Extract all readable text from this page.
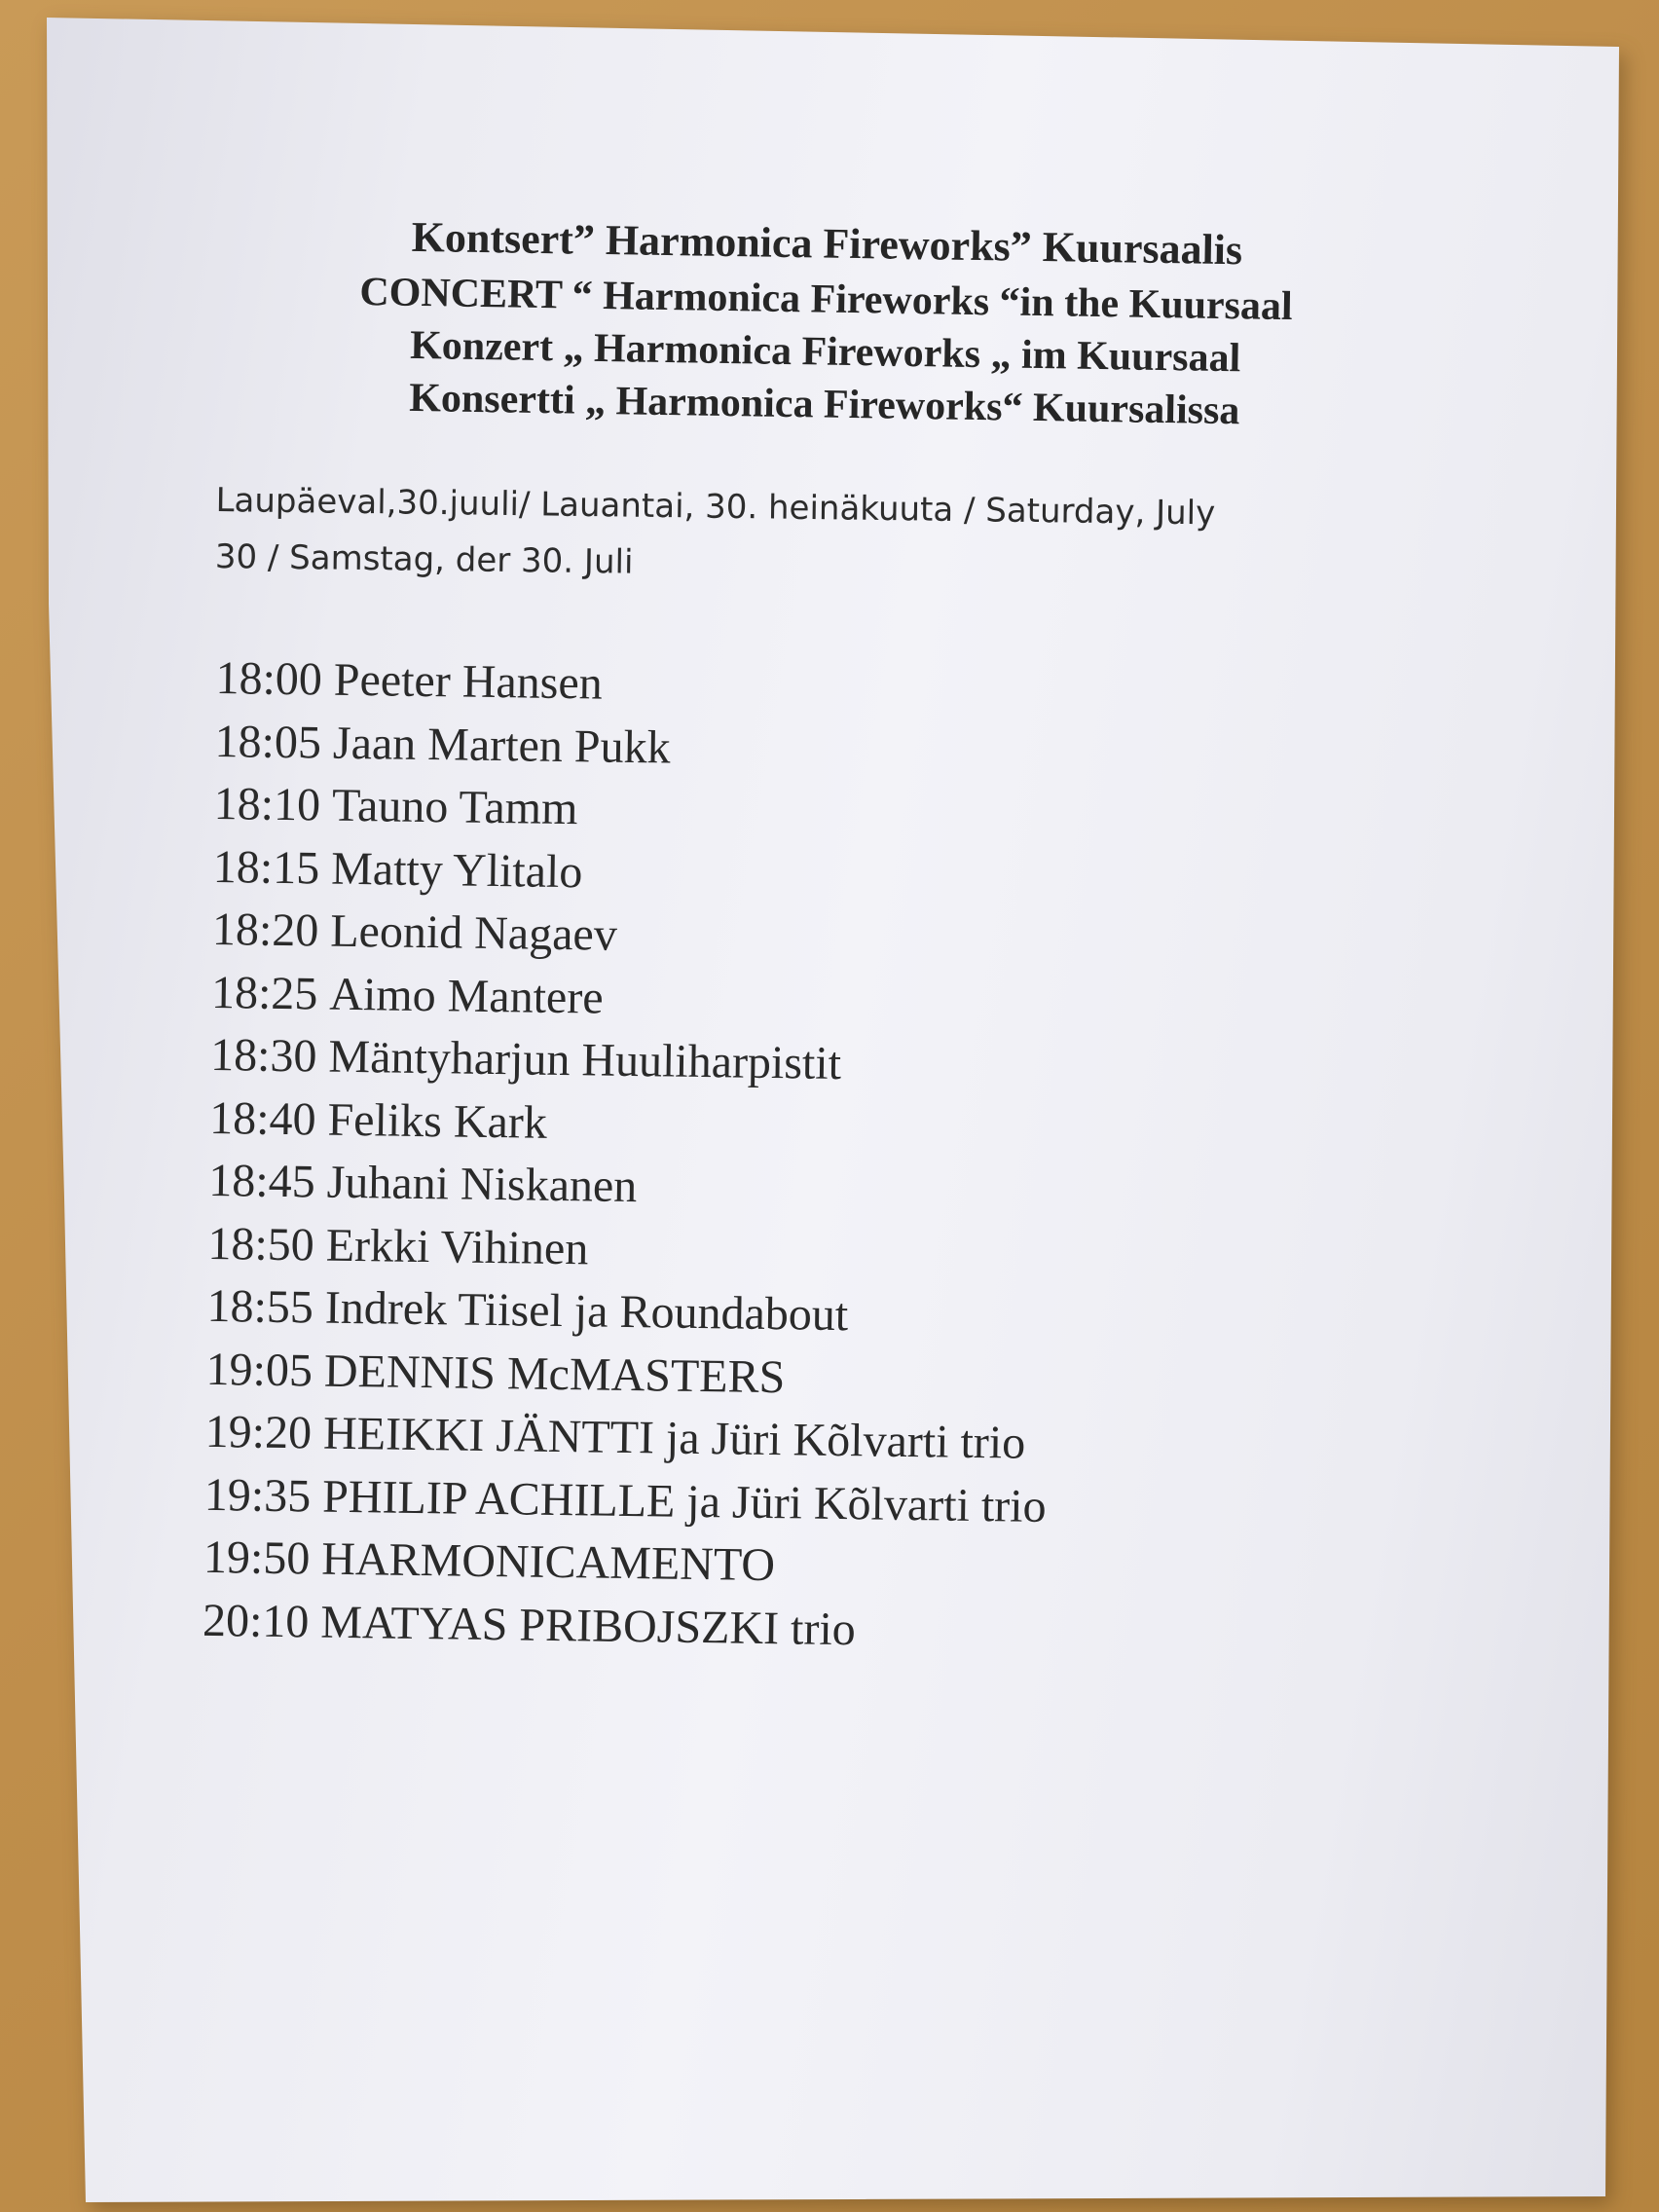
Kontsert” Harmonica Fireworks” Kuursaalis

CONCERT “ Harmonica Fireworks “in the Kuursaal

Konzert „ Harmonica Fireworks „ im Kuursaal

Konsertti „ Harmonica Fireworks“ Kuursalissa

Laupäeval,30.juuli/ Lauantai, 30. heinäkuuta / Saturday, July

30 / Samstag, der 30. Juli

18:00 Peeter Hansen
18:05 Jaan Marten Pukk
18:10 Tauno Tamm
18:15 Matty Ylitalo
18:20 Leonid Nagaev
18:25 Aimo Mantere
18:30 Mäntyharjun Huuliharpistit
18:40 Feliks Kark
18:45 Juhani Niskanen
18:50 Erkki Vihinen
18:55 Indrek Tiisel ja Roundabout
19:05 DENNIS McMASTERS
19:20 HEIKKI JÄNTTI ja Jüri Kõlvarti trio
19:35 PHILIP ACHILLE ja Jüri Kõlvarti trio
19:50 HARMONICAMENTO
20:10 MATYAS PRIBOJSZKI trio
